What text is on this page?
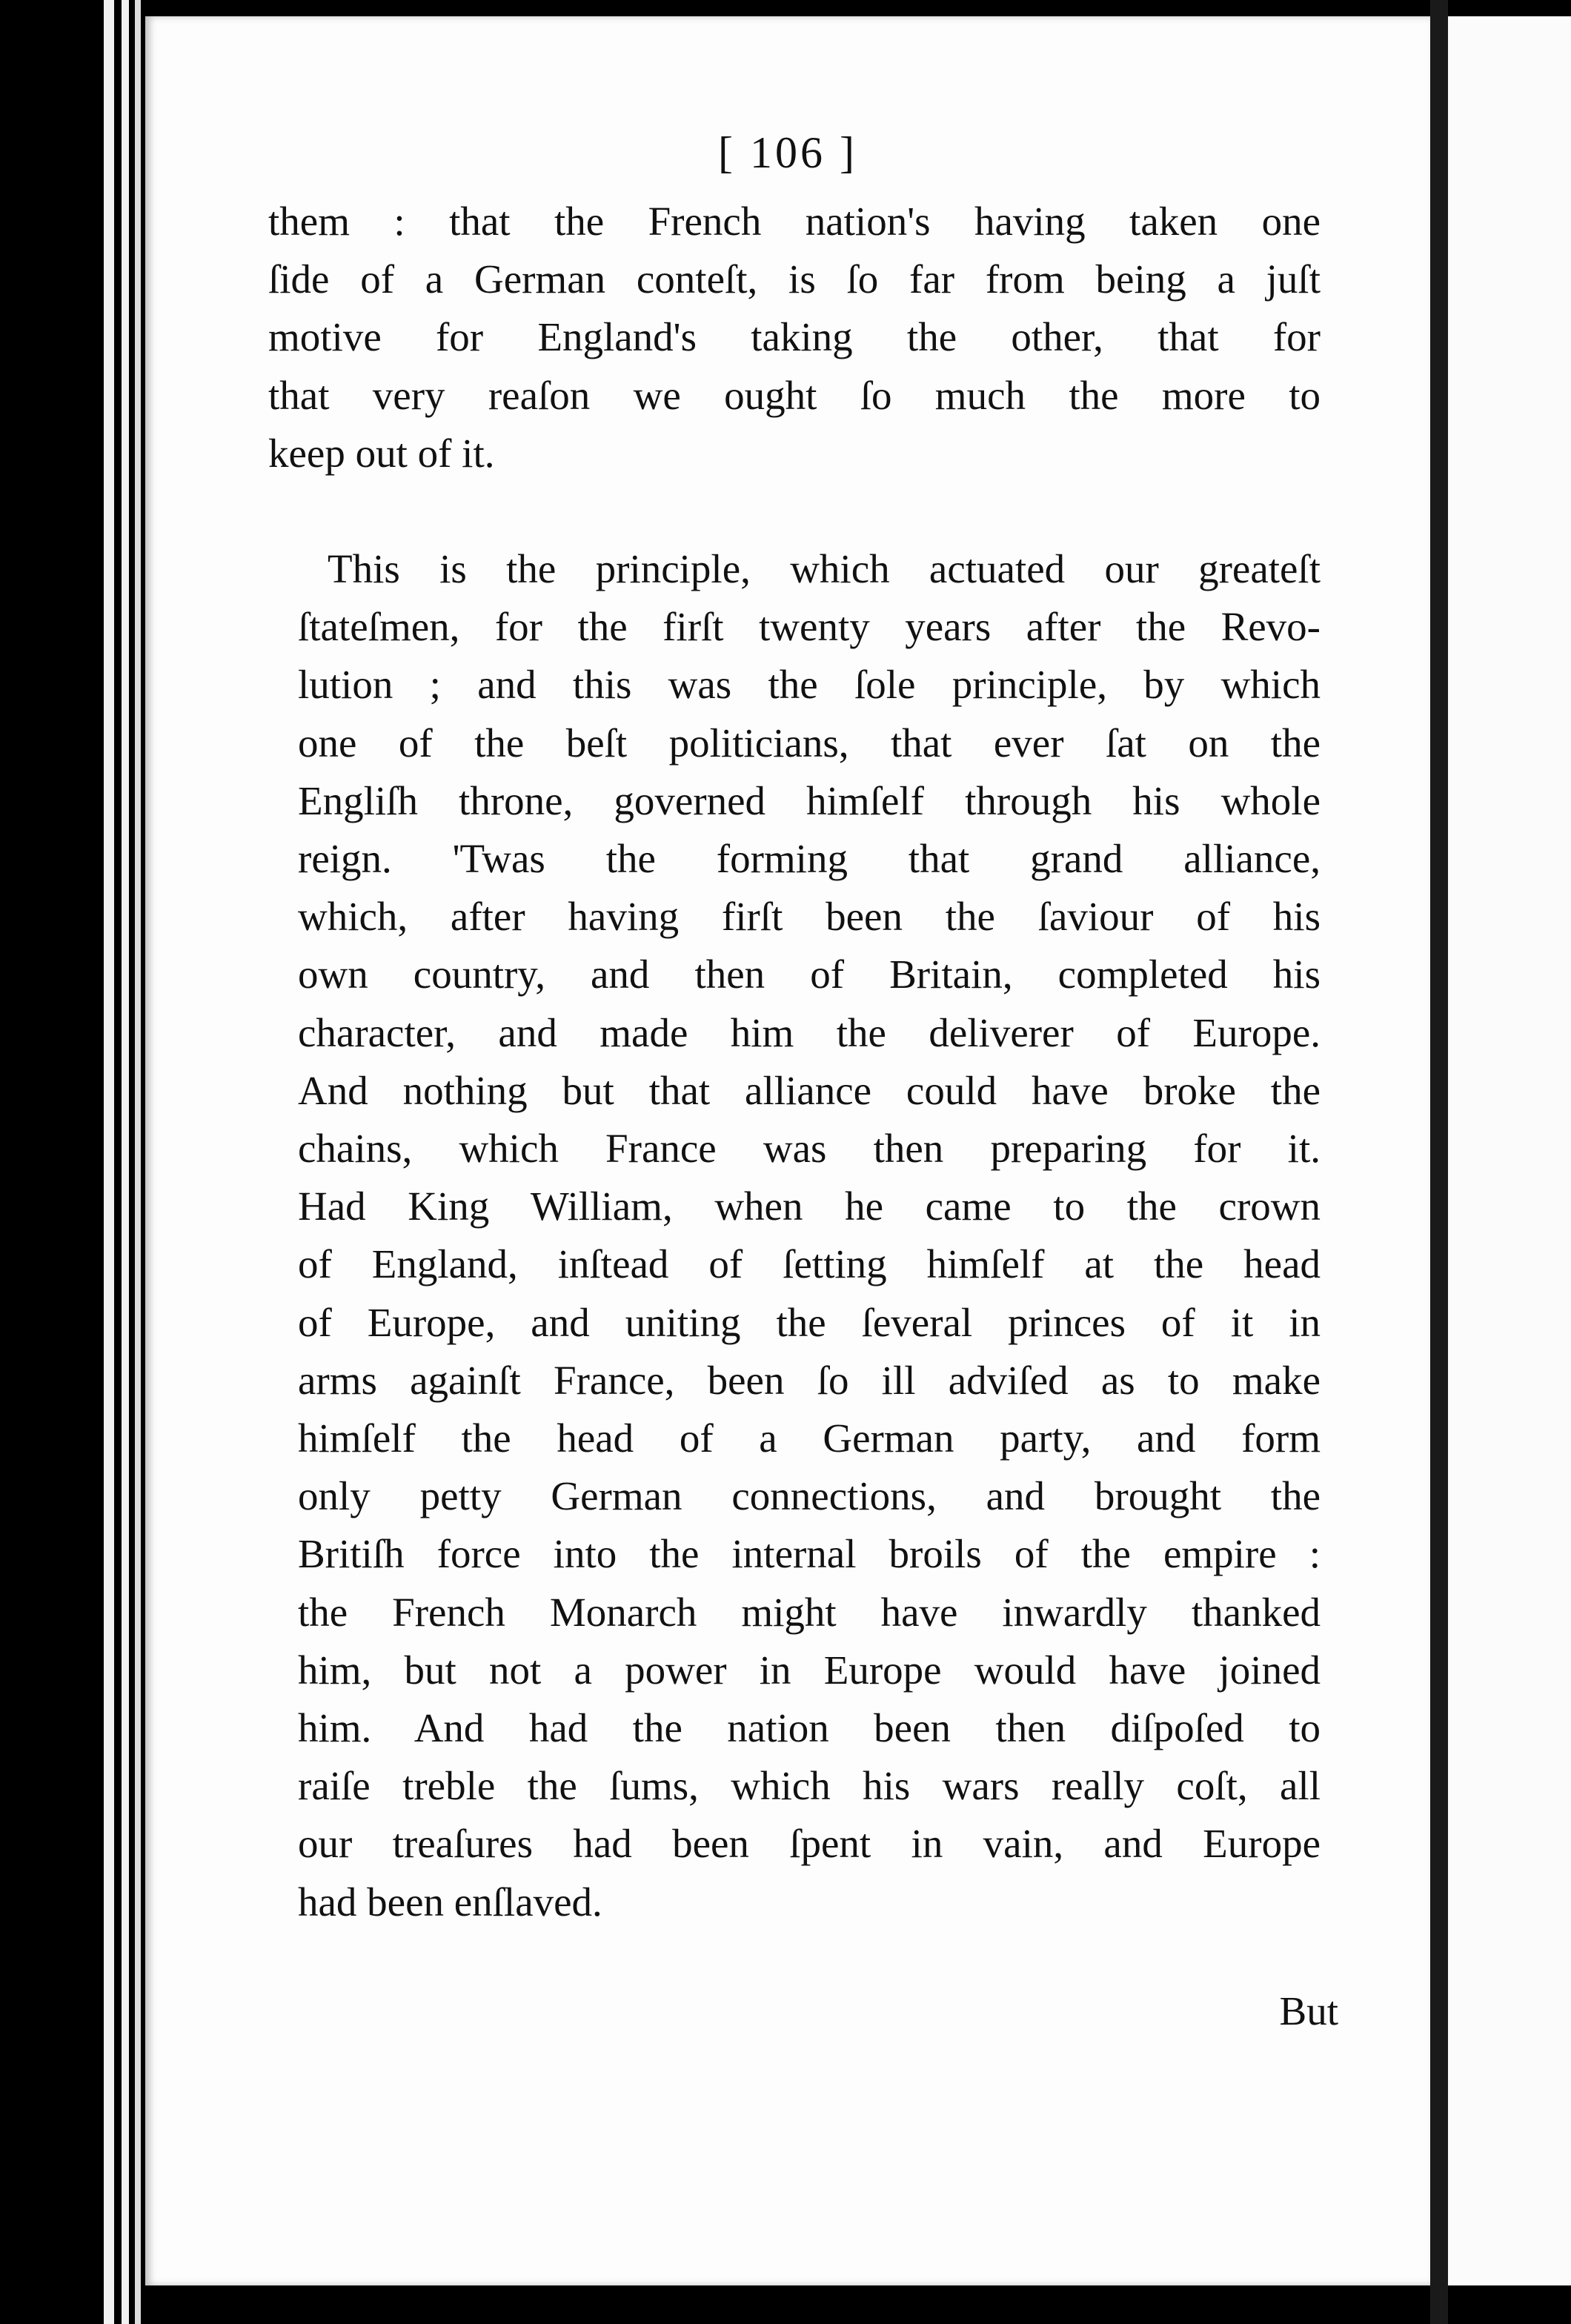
[ 106 ]

them : that the French nation's having taken one

ſide of a German conteſt, is ſo far from being a juſt

motive for England's taking the other, that for

that very reaſon we ought ſo much the more to

keep out of it.

This is the principle, which actuated our greateſt

ſtateſmen, for the firſt twenty years after the Revo-

lution ; and this was the ſole principle, by which

one of the beſt politicians, that ever ſat on the

Engliſh throne, governed himſelf through his whole

reign. 'Twas the forming that grand alliance,

which, after having firſt been the ſaviour of his

own country, and then of Britain, completed his

character, and made him the deliverer of Europe.

And nothing but that alliance could have broke the

chains, which France was then preparing for it.

Had King William, when he came to the crown

of England, inſtead of ſetting himſelf at the head

of Europe, and uniting the ſeveral princes of it in

arms againſt France, been ſo ill adviſed as to make

himſelf the head of a German party, and form

only petty German connections, and brought the

Britiſh force into the internal broils of the empire :

the French Monarch might have inwardly thanked

him, but not a power in Europe would have joined

him. And had the nation been then diſpoſed to

raiſe treble the ſums, which his wars really coſt, all

our treaſures had been ſpent in vain, and Europe

had been enſlaved.

But
